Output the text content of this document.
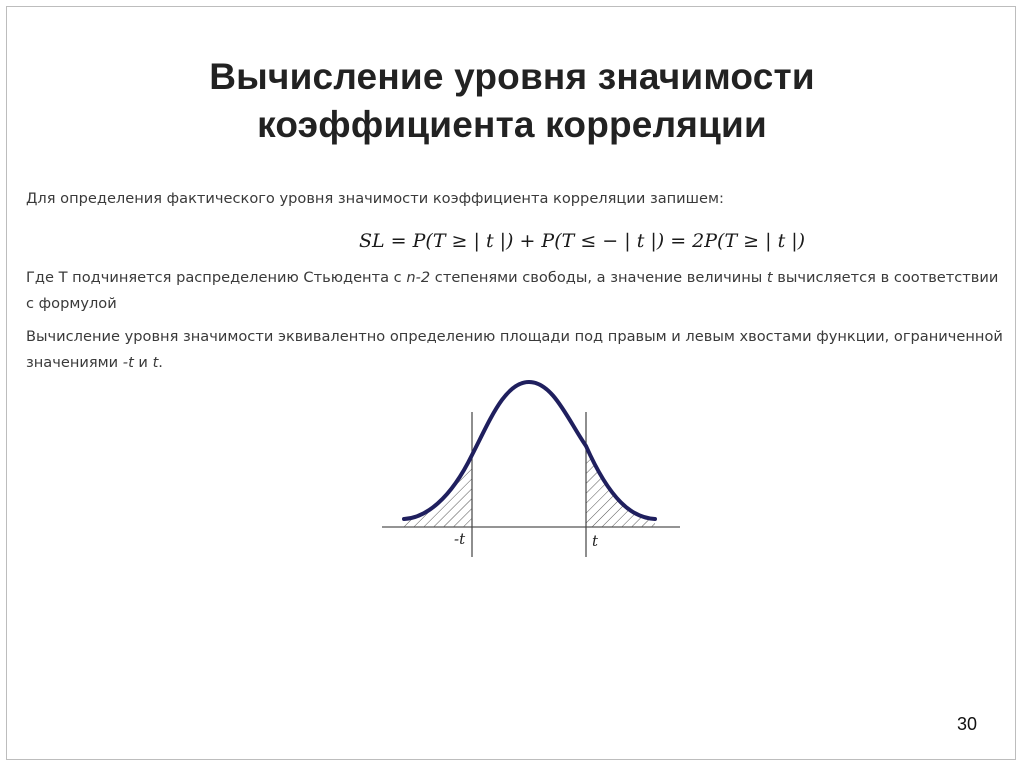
Вычисление уровня значимости
коэффициента корреляции
Для определения фактического уровня значимости коэффициента корреляции запишем:
SL = P(T ≥ | t |) + P(T ≤ − | t |) = 2P(T ≥ | t |)
Где Т подчиняется распределению Стьюдента с n-2 степенями свободы, а значение величины t вычисляется в соответствии с формулой
Вычисление уровня значимости эквивалентно определению площади под правым и левым хвостами функции, ограниченной значениями -t и t.
30
-t	t
